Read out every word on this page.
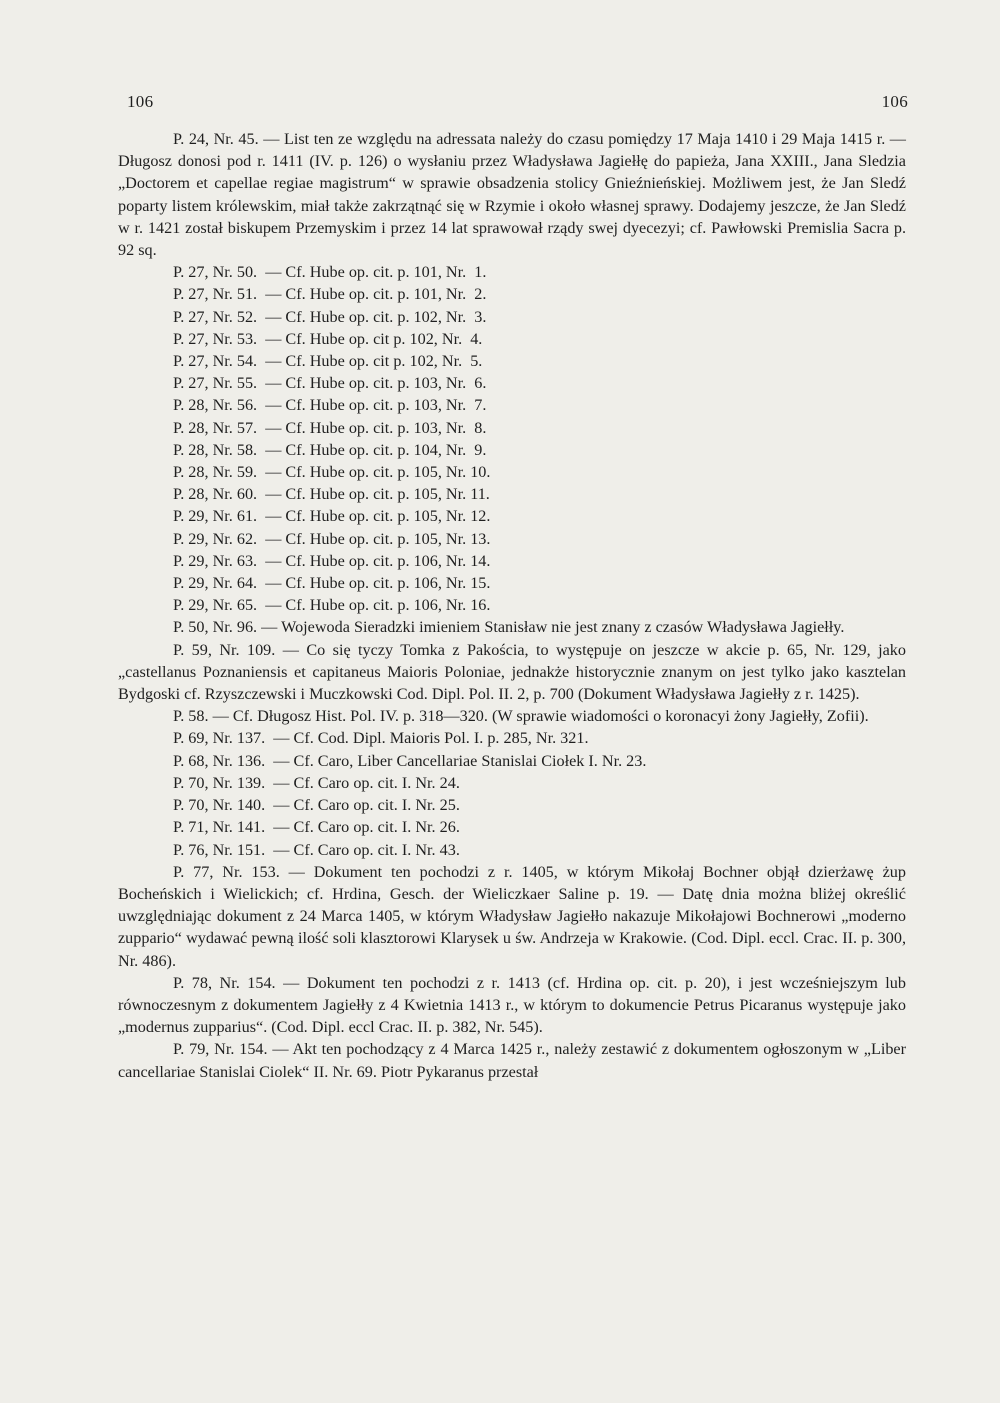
106	106

P. 24, Nr. 45. — List ten ze względu na adressata należy do czasu pomiędzy 17 Maja 1410 i 29 Maja 1415 r. — Długosz donosi pod r. 1411 (IV. p. 126) o wysłaniu przez Władysława Jagiełłę do papieża, Jana XXIII., Jana Sledzia „Doctorem et capellae regiae magistrum“ w sprawie obsadzenia stolicy Gnieźnieńskiej. Możliwem jest, że Jan Sledź poparty listem królewskim, miał także zakrzątnąć się w Rzymie i około własnej sprawy. Dodajemy jeszcze, że Jan Sledź w r. 1421 został biskupem Przemyskim i przez 14 lat sprawował rządy swej dyecezyi; cf. Pawłowski Premislia Sacra p. 92 sq.

P. 27, Nr. 50.  — Cf. Hube op. cit. p. 101, Nr.  1.

P. 27, Nr. 51.  — Cf. Hube op. cit. p. 101, Nr.  2.

P. 27, Nr. 52.  — Cf. Hube op. cit. p. 102, Nr.  3.

P. 27, Nr. 53.  — Cf. Hube op. cit p. 102, Nr.  4.

P. 27, Nr. 54.  — Cf. Hube op. cit p. 102, Nr.  5.

P. 27, Nr. 55.  — Cf. Hube op. cit. p. 103, Nr.  6.

P. 28, Nr. 56.  — Cf. Hube op. cit. p. 103, Nr.  7.

P. 28, Nr. 57.  — Cf. Hube op. cit. p. 103, Nr.  8.

P. 28, Nr. 58.  — Cf. Hube op. cit. p. 104, Nr.  9.

P. 28, Nr. 59.  — Cf. Hube op. cit. p. 105, Nr. 10.

P. 28, Nr. 60.  — Cf. Hube op. cit. p. 105, Nr. 11.

P. 29, Nr. 61.  — Cf. Hube op. cit. p. 105, Nr. 12.

P. 29, Nr. 62.  — Cf. Hube op. cit. p. 105, Nr. 13.

P. 29, Nr. 63.  — Cf. Hube op. cit. p. 106, Nr. 14.

P. 29, Nr. 64.  — Cf. Hube op. cit. p. 106, Nr. 15.

P. 29, Nr. 65.  — Cf. Hube op. cit. p. 106, Nr. 16.

P. 50, Nr. 96. — Wojewoda Sieradzki imieniem Stanisław nie jest znany z czasów Władysława Jagiełły.

P. 59, Nr. 109. — Co się tyczy Tomka z Pakościa, to występuje on jeszcze w akcie p. 65, Nr. 129, jako „castellanus Poznaniensis et capitaneus Maioris Poloniae, jednakże historycznie znanym on jest tylko jako kasztelan Bydgoski cf. Rzyszczewski i Muczkowski Cod. Dipl. Pol. II. 2, p. 700 (Dokument Władysława Jagiełły z r. 1425).

P. 58. — Cf. Długosz Hist. Pol. IV. p. 318—320. (W sprawie wiadomości o koronacyi żony Jagiełły, Zofii).

P. 69, Nr. 137.  — Cf. Cod. Dipl. Maioris Pol. I. p. 285, Nr. 321.

P. 68, Nr. 136.  — Cf. Caro, Liber Cancellariae Stanislai Ciołek I. Nr. 23.

P. 70, Nr. 139.  — Cf. Caro op. cit. I. Nr. 24.

P. 70, Nr. 140.  — Cf. Caro op. cit. I. Nr. 25.

P. 71, Nr. 141.  — Cf. Caro op. cit. I. Nr. 26.

P. 76, Nr. 151.  — Cf. Caro op. cit. I. Nr. 43.

P. 77, Nr. 153. — Dokument ten pochodzi z r. 1405, w którym Mikołaj Bochner objął dzierżawę żup Bocheńskich i Wielickich; cf. Hrdina, Gesch. der Wieliczkaer Saline p. 19. — Datę dnia można bliżej określić uwzględniając dokument z 24 Marca 1405, w którym Władysław Jagiełło nakazuje Mikołajowi Bochnerowi „moderno zuppario“ wydawać pewną ilość soli klasztorowi Klarysek u św. Andrzeja w Krakowie. (Cod. Dipl. eccl. Crac. II. p. 300, Nr. 486).

P. 78, Nr. 154. — Dokument ten pochodzi z r. 1413 (cf. Hrdina op. cit. p. 20), i jest wcześniejszym lub równoczesnym z dokumentem Jagiełły z 4 Kwietnia 1413 r., w którym to dokumencie Petrus Picaranus występuje jako „modernus zupparius“. (Cod. Dipl. eccl Crac. II. p. 382, Nr. 545).

P. 79, Nr. 154. — Akt ten pochodzący z 4 Marca 1425 r., należy zestawić z dokumentem ogłoszonym w „Liber cancellariae Stanislai Ciolek“ II. Nr. 69. Piotr Pykaranus przestał
